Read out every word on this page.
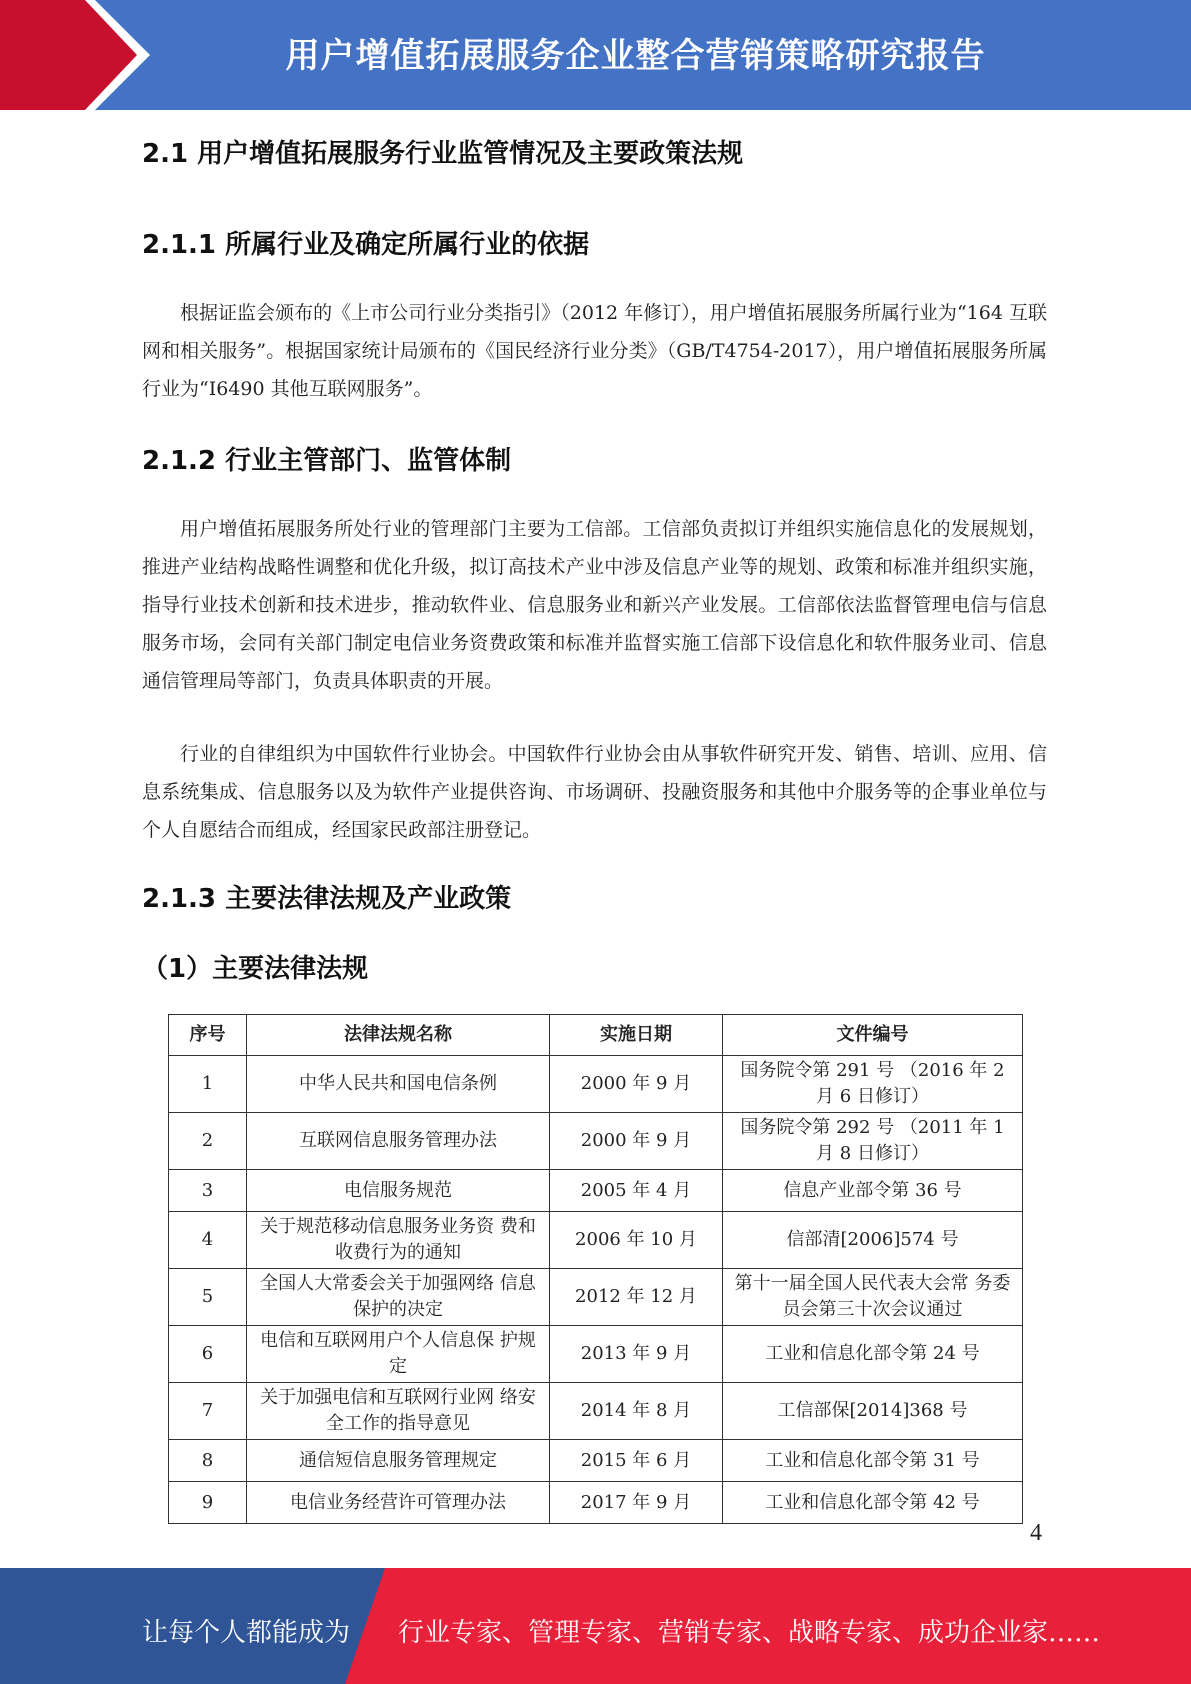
用户增值拓展服务企业整合营销策略研究报告
2.1 用户增值拓展服务行业监管情况及主要政策法规
2.1.1 所属行业及确定所属行业的依据

根据证监会颁布的《上市公司行业分类指引》（2012 年修订），用户增值拓展服务所属行业为“164 互联网和相关服务”。根据国家统计局颁布的《国民经济行业分类》（GB/T4754-2017），用户增值拓展服务所属行业为“I6490 其他互联网服务”。

2.1.2 行业主管部门、监管体制

用户增值拓展服务所处行业的管理部门主要为工信部。工信部负责拟订并组织实施信息化的发展规划，推进产业结构战略性调整和优化升级，拟订高技术产业中涉及信息产业等的规划、政策和标准并组织实施，指导行业技术创新和技术进步，推动软件业、信息服务业和新兴产业发展。工信部依法监督管理电信与信息服务市场，会同有关部门制定电信业务资费政策和标准并监督实施工信部下设信息化和软件服务业司、信息通信管理局等部门，负责具体职责的开展。

行业的自律组织为中国软件行业协会。中国软件行业协会由从事软件研究开发、销售、培训、应用、信息系统集成、信息服务以及为软件产业提供咨询、市场调研、投融资服务和其他中介服务等的企事业单位与个人自愿结合而组成，经国家民政部注册登记。

2.1.3 主要法律法规及产业政策
（1）主要法律法规
序号	法律法规名称	实施日期	文件编号
1	中华人民共和国电信条例	2000 年 9 月	国务院令第 291 号 （2016 年 2 月 6 日修订）
2	互联网信息服务管理办法	2000 年 9 月	国务院令第 292 号 （2011 年 1 月 8 日修订）
3	电信服务规范	2005 年 4 月	信息产业部令第 36 号
4	关于规范移动信息服务业务资 费和收费行为的通知	2006 年 10 月	信部清[2006]574 号
5	全国人大常委会关于加强网络 信息保护的决定	2012 年 12 月	第十一届全国人民代表大会常 务委员会第三十次会议通过
6	电信和互联网用户个人信息保 护规定	2013 年 9 月	工业和信息化部令第 24 号
7	关于加强电信和互联网行业网 络安全工作的指导意见	2014 年 8 月	工信部保[2014]368 号
8	通信短信息服务管理规定	2015 年 6 月	工业和信息化部令第 31 号
9	电信业务经营许可管理办法	2017 年 9 月	工业和信息化部令第 42 号
4
让每个人都能成为 行业专家、管理专家、营销专家、战略专家、成功企业家……
